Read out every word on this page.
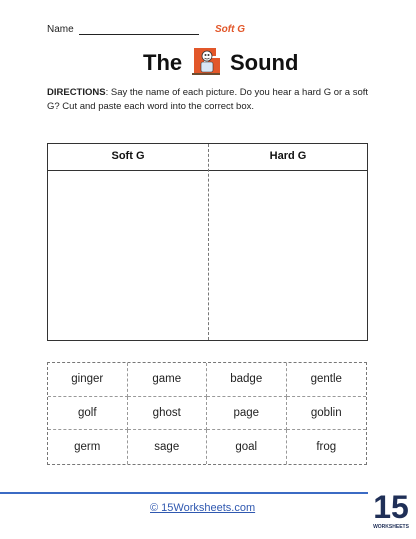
Name	Soft G
The Sound
DIRECTIONS: Say the name of each picture. Do you hear a hard G or a soft G? Cut and paste each word into the correct box.
Soft G	Hard G
ginger	game	badge	gentle
golf	ghost	page	goblin
germ	sage	goal	frog
© 15Worksheets.com	15
WORKSHEETS
